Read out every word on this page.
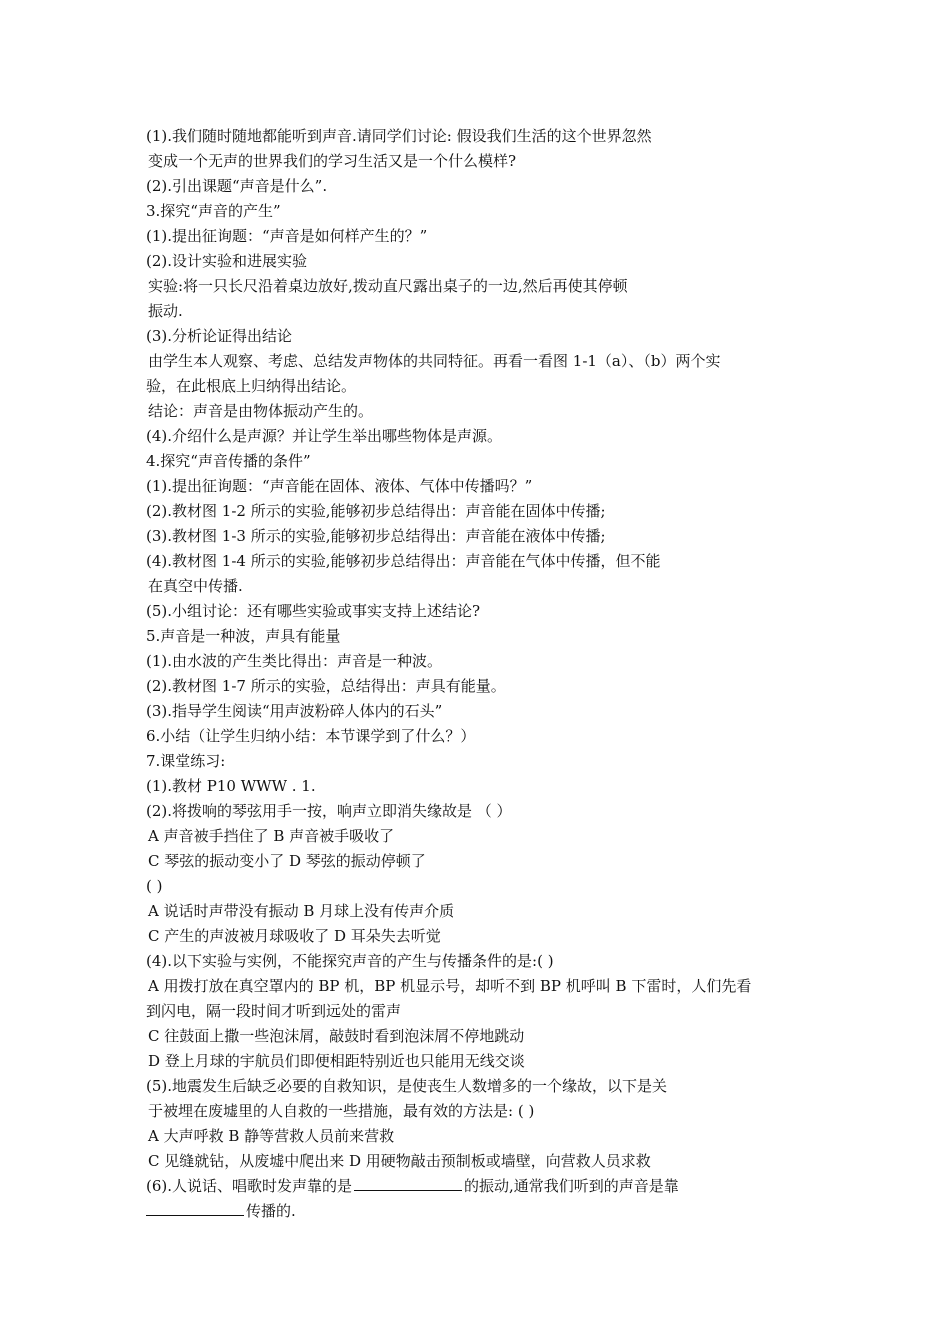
(1).我们随时随地都能听到声音.请同学们讨论: 假设我们生活的这个世界忽然
变成一个无声的世界我们的学习生活又是一个什么模样?
(2).引出课题“声音是什么”.
3.探究“声音的产生”
(1).提出征询题：“声音是如何样产生的？”
(2).设计实验和进展实验
实验:将一只长尺沿着桌边放好,拨动直尺露出桌子的一边,然后再使其停顿
振动.
(3).分析论证得出结论
由学生本人观察、考虑、总结发声物体的共同特征。再看一看图 1-1（a）、（b）两个实
验，在此根底上归纳得出结论。
结论：声音是由物体振动产生的。
(4).介绍什么是声源？并让学生举出哪些物体是声源。
4.探究“声音传播的条件”
(1).提出征询题：“声音能在固体、液体、气体中传播吗？”
(2).教材图 1-2 所示的实验,能够初步总结得出：声音能在固体中传播;
(3).教材图 1-3 所示的实验,能够初步总结得出：声音能在液体中传播;
(4).教材图 1-4 所示的实验,能够初步总结得出：声音能在气体中传播，但不能
在真空中传播.
(5).小组讨论：还有哪些实验或事实支持上述结论?
5.声音是一种波，声具有能量
(1).由水波的产生类比得出：声音是一种波。
(2).教材图 1-7 所示的实验，总结得出：声具有能量。
(3).指导学生阅读“用声波粉碎人体内的石头”
6.小结（让学生归纳小结：本节课学到了什么？）
7.课堂练习:
(1).教材 P10 WWW . 1.
(2).将拨响的琴弦用手一按，响声立即消失缘故是 （ ）
A 声音被手挡住了 B 声音被手吸收了
C 琴弦的振动变小了 D 琴弦的振动停顿了
( )
A 说话时声带没有振动 B 月球上没有传声介质
C 产生的声波被月球吸收了 D 耳朵失去听觉
(4).以下实验与实例，不能探究声音的产生与传播条件的是:( )
A 用拨打放在真空罩内的 BP 机，BP 机显示号，却听不到 BP 机呼叫 B 下雷时，人们先看
到闪电，隔一段时间才听到远处的雷声
C 往鼓面上撒一些泡沫屑，敲鼓时看到泡沫屑不停地跳动
D 登上月球的宇航员们即便相距特别近也只能用无线交谈
(5).地震发生后缺乏必要的自救知识，是使丧生人数增多的一个缘故，以下是关
于被埋在废墟里的人自救的一些措施，最有效的方法是: ( )
A 大声呼救 B 静等营救人员前来营救
C 见缝就钻，从废墟中爬出来 D 用硬物敲击预制板或墙壁，向营救人员求救
(6).人说话、唱歌时发声靠的是	的振动,通常我们听到的声音是靠
传播的.
